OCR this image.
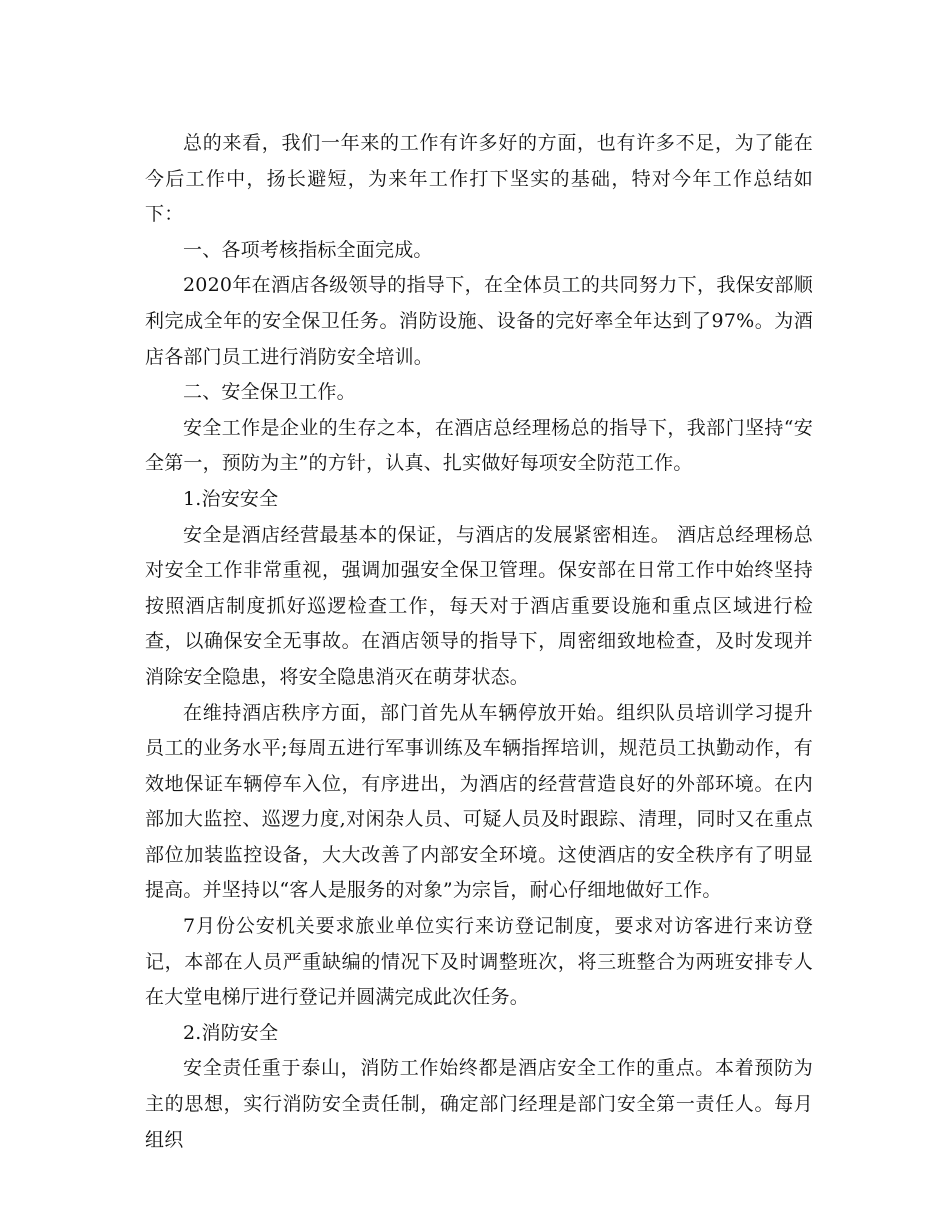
总的来看，我们一年来的工作有许多好的方面，也有许多不足，为了能在今后工作中，扬长避短，为来年工作打下坚实的基础，特对今年工作总结如下：

一、各项考核指标全面完成。

2020年在酒店各级领导的指导下，在全体员工的共同努力下，我保安部顺利完成全年的安全保卫任务。消防设施、设备的完好率全年达到了97%。为酒店各部门员工进行消防安全培训。

二、安全保卫工作。

安全工作是企业的生存之本，在酒店总经理杨总的指导下，我部门坚持“安全第一，预防为主”的方针，认真、扎实做好每项安全防范工作。

1.治安安全

安全是酒店经营最基本的保证，与酒店的发展紧密相连。 酒店总经理杨总对安全工作非常重视，强调加强安全保卫管理。保安部在日常工作中始终坚持按照酒店制度抓好巡逻检查工作，每天对于酒店重要设施和重点区域进行检查，以确保安全无事故。在酒店领导的指导下，周密细致地检查，及时发现并消除安全隐患，将安全隐患消灭在萌芽状态。

在维持酒店秩序方面，部门首先从车辆停放开始。组织队员培训学习提升员工的业务水平;每周五进行军事训练及车辆指挥培训，规范员工执勤动作，有效地保证车辆停车入位，有序进出，为酒店的经营营造良好的外部环境。在内部加大监控、巡逻力度,对闲杂人员、可疑人员及时跟踪、清理，同时又在重点部位加装监控设备，大大改善了内部安全环境。这使酒店的安全秩序有了明显提高。并坚持以“客人是服务的对象”为宗旨，耐心仔细地做好工作。

7月份公安机关要求旅业单位实行来访登记制度，要求对访客进行来访登记，本部在人员严重缺编的情况下及时调整班次，将三班整合为两班安排专人在大堂电梯厅进行登记并圆满完成此次任务。

2.消防安全

安全责任重于泰山，消防工作始终都是酒店安全工作的重点。本着预防为主的思想，实行消防安全责任制，确定部门经理是部门安全第一责任人。每月组织
